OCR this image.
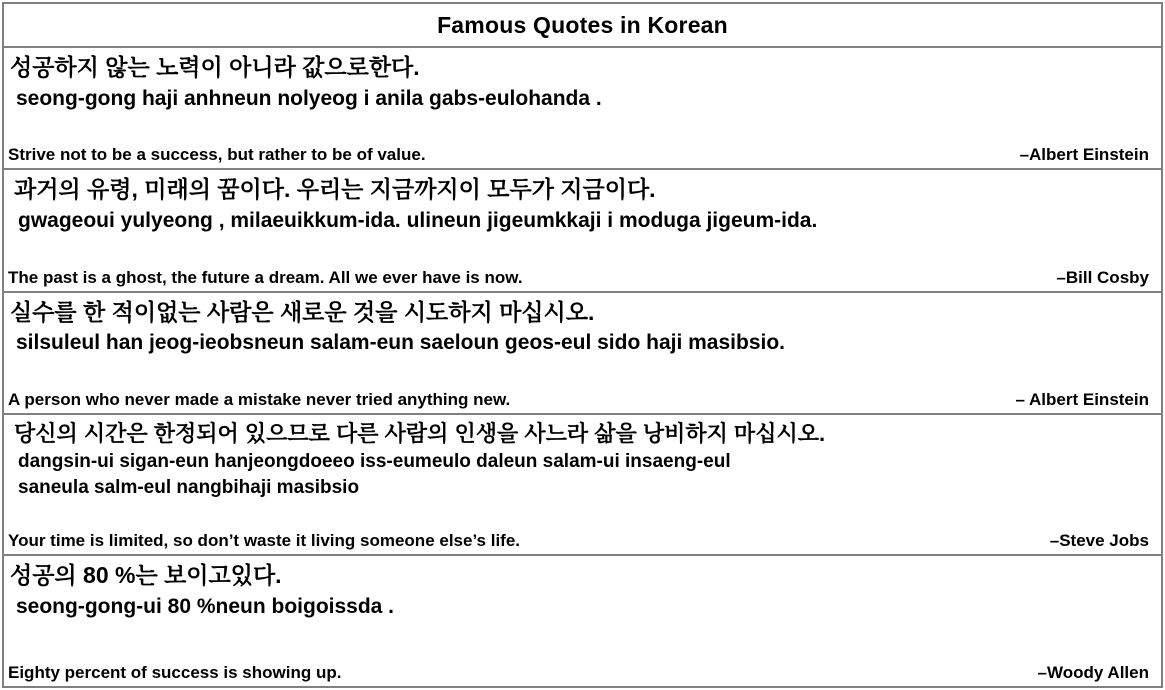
Famous Quotes in Korean
성공하지 않는 노력이 아니라 값으로한다.
seong-gong haji anhneun nolyeog i anila gabs-eulohanda .
Strive not to be a success, but rather to be of value.	–Albert Einstein
과거의 유령, 미래의 꿈이다. 우리는 지금까지이 모두가 지금이다.
gwageoui yulyeong , milaeuikkum-ida. ulineun jigeumkkaji i moduga jigeum-ida.
The past is a ghost, the future a dream. All we ever have is now.	–Bill Cosby
실수를 한 적이없는 사람은 새로운 것을 시도하지 마십시오.
silsuleul han jeog-ieobsneun salam-eun saeloun geos-eul sido haji masibsio.
A person who never made a mistake never tried anything new.	– Albert Einstein
당신의 시간은 한정되어 있으므로 다른 사람의 인생을 사느라 삶을 낭비하지 마십시오.
dangsin-ui sigan-eun hanjeongdoeeo iss-eumeulo daleun salam-ui insaeng-eul
saneula salm-eul nangbihaji masibsio
Your time is limited, so don’t waste it living someone else’s life.	–Steve Jobs
성공의 80 %는 보이고있다.
seong-gong-ui 80 %neun boigoissda .
Eighty percent of success is showing up.	–Woody Allen
